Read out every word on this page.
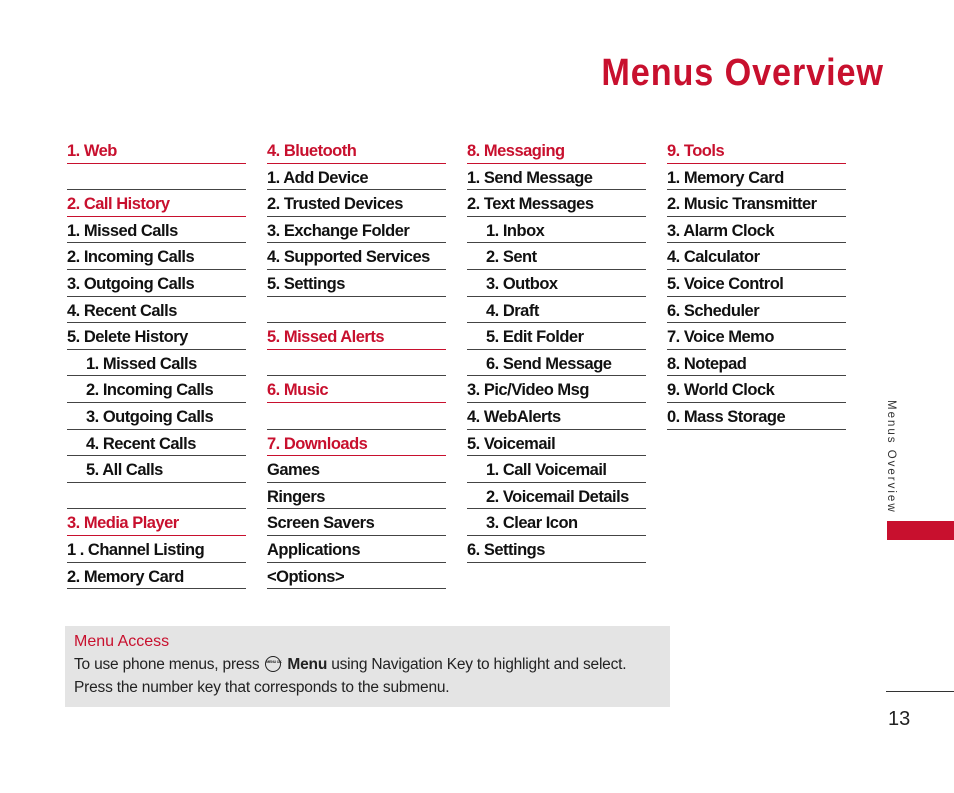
Menus Overview
1. Web
2. Call History
1. Missed Calls
2. Incoming Calls
3. Outgoing Calls
4. Recent Calls
5. Delete History
1. Missed Calls
2. Incoming Calls
3. Outgoing Calls
4. Recent Calls
5. All Calls
3. Media Player
1 . Channel Listing
2. Memory Card
4. Bluetooth
1. Add Device
2. Trusted Devices
3. Exchange Folder
4. Supported Services
5. Settings
5. Missed Alerts
6. Music
7. Downloads
Games
Ringers
Screen Savers
Applications
<Options>
8. Messaging
1. Send Message
2. Text Messages
1. Inbox
2. Sent
3. Outbox
4. Draft
5. Edit Folder
6. Send Message
3. Pic/Video Msg
4. WebAlerts
5. Voicemail
1. Call Voicemail
2. Voicemail Details
3. Clear Icon
6. Settings
9. Tools
1. Memory Card
2. Music Transmitter
3. Alarm Clock
4. Calculator
5. Voice Control
6. Scheduler
7. Voice Memo
8. Notepad
9. World Clock
0. Mass Storage
Menu Access
To use phone menus, press MENU OK Menu using Navigation Key to highlight and select.
Press the number key that corresponds to the submenu.
Menus Overview
13
